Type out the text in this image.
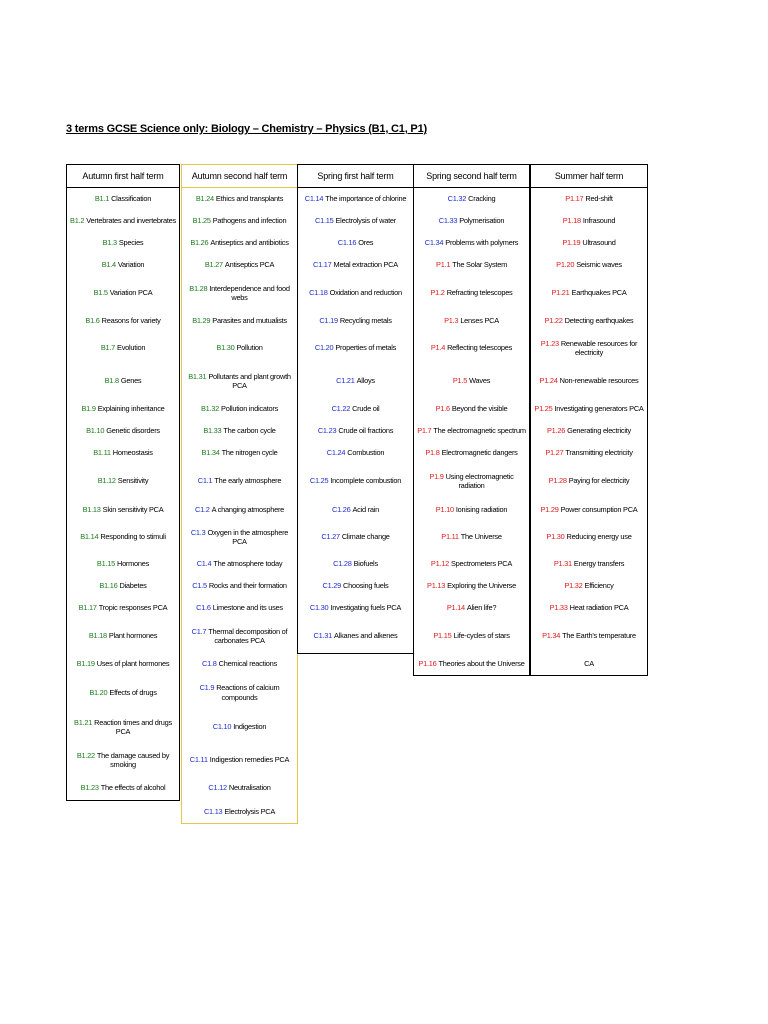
3 terms GCSE Science only: Biology – Chemistry – Physics (B1, C1, P1)
Autumn first half term
B1.1 Classification
B1.2 Vertebrates and invertebrates
B1.3 Species
B1.4 Variation
B1.5 Variation PCA
B1.6 Reasons for variety
B1.7 Evolution
B1.8 Genes
B1.9 Explaining inheritance
B1.10 Genetic disorders
B1.11 Homeostasis
B1.12 Sensitivity
B1.13 Skin sensitivity PCA
B1.14 Responding to stimuli
B1.15 Hormones
B1.16 Diabetes
B1.17 Tropic responses PCA
B1.18 Plant hormones
B1.19 Uses of plant hormones
B1.20 Effects of drugs
B1.21 Reaction times and drugs PCA
B1.22 The damage caused by smoking
B1.23 The effects of alcohol
Autumn second half term
B1.24 Ethics and transplants
B1.25 Pathogens and infection
B1.26 Antiseptics and antibiotics
B1.27 Antiseptics PCA
B1.28 Interdependence and food webs
B1.29 Parasites and mutualists
B1.30 Pollution
B1.31 Pollutants and plant growth PCA
B1.32 Pollution indicators
B1.33 The carbon cycle
B1.34 The nitrogen cycle
C1.1 The early atmosphere
C1.2 A changing atmosphere
C1.3 Oxygen in the atmosphere PCA
C1.4 The atmosphere today
C1.5 Rocks and their formation
C1.6 Limestone and its uses
C1.7 Thermal decomposition of carbonates PCA
C1.8 Chemical reactions
C1.9 Reactions of calcium compounds
C1.10 Indigestion
C1.11 Indigestion remedies PCA
C1.12 Neutralisation
C1.13 Electrolysis PCA
Spring first half term
C1.14 The importance of chlorine
C1.15 Electrolysis of water
C1.16 Ores
C1.17 Metal extraction PCA
C1.18 Oxidation and reduction
C1.19 Recycling metals
C1.20 Properties of metals
C1.21 Alloys
C1.22 Crude oil
C1.23 Crude oil fractions
C1.24 Combustion
C1.25 Incomplete combustion
C1.26 Acid rain
C1.27 Climate change
C1.28 Biofuels
C1.29 Choosing fuels
C1.30 Investigating fuels PCA
C1.31 Alkanes and alkenes
Spring second half term
C1.32 Cracking
C1.33 Polymerisation
C1.34 Problems with polymers
P1.1 The Solar System
P1.2 Refracting telescopes
P1.3 Lenses PCA
P1.4 Reflecting telescopes
P1.5 Waves
P1.6 Beyond the visible
P1.7 The electromagnetic spectrum
P1.8 Electromagnetic dangers
P1.9 Using electromagnetic radiation
P1.10 Ionising radiation
P1.11 The Universe
P1.12 Spectrometers PCA
P1.13 Exploring the Universe
P1.14 Alien life?
P1.15 Life-cycles of stars
P1.16 Theories about the Universe
Summer half term
P1.17 Red-shift
P1.18 Infrasound
P1.19 Ultrasound
P1.20 Seismic waves
P1.21 Earthquakes PCA
P1.22 Detecting earthquakes
P1.23 Renewable resources for electricity
P1.24 Non-renewable resources
P1.25 Investigating generators PCA
P1.26 Generating electricity
P1.27 Transmitting electricity
P1.28 Paying for electricity
P1.29 Power consumption PCA
P1.30 Reducing energy use
P1.31 Energy transfers
P1.32 Efficiency
P1.33 Heat radiation PCA
P1.34 The Earth's temperature
CA
